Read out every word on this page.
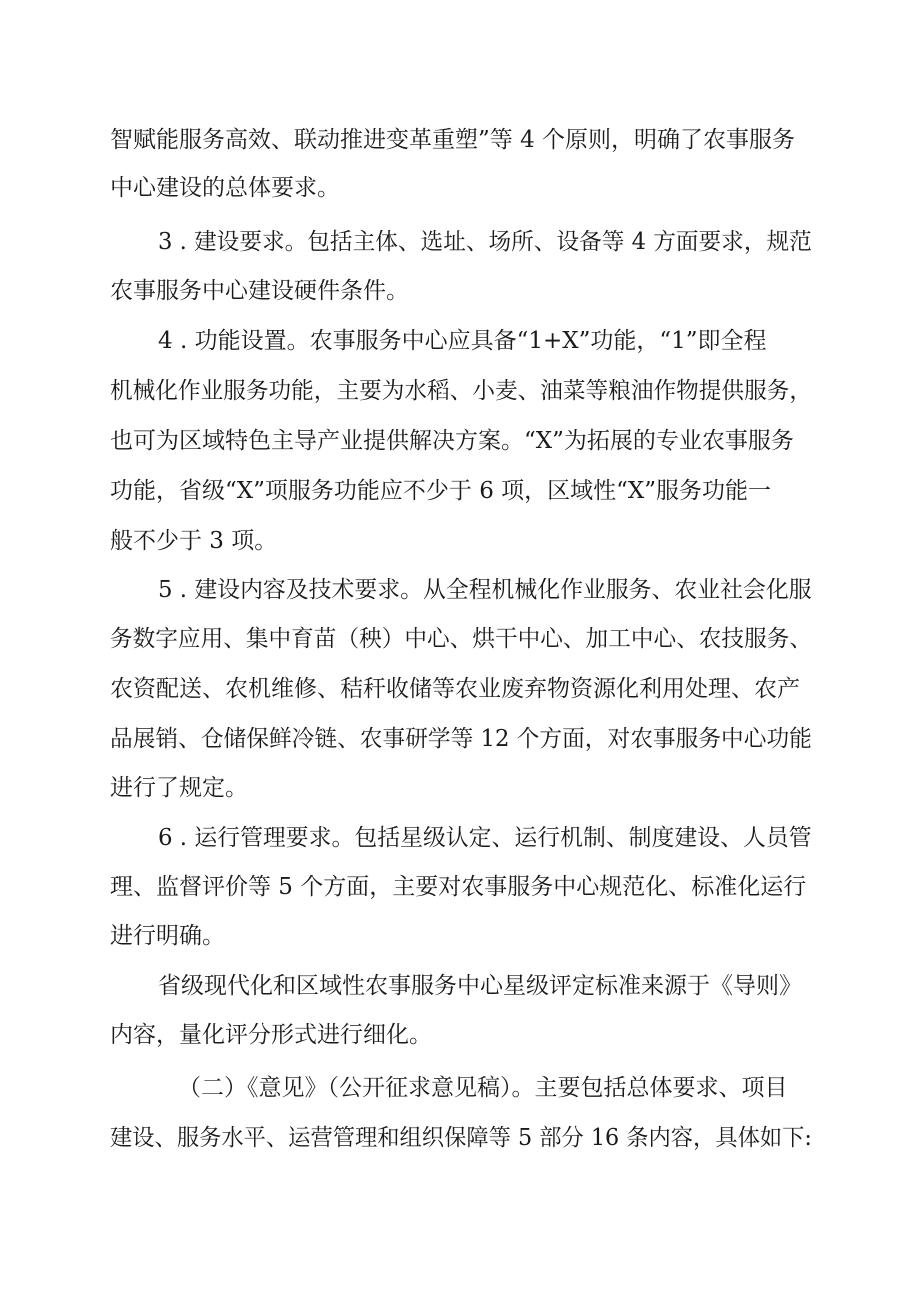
智赋能服务高效、联动推进变革重塑”等 4 个原则，明确了农事服务
中心建设的总体要求。
3 . 建设要求。包括主体、选址、场所、设备等 4 方面要求，规范
农事服务中心建设硬件条件。
4 . 功能设置。农事服务中心应具备“1+X”功能，“1”即全程
机械化作业服务功能，主要为水稻、小麦、油菜等粮油作物提供服务，
也可为区域特色主导产业提供解决方案。“X”为拓展的专业农事服务
功能，省级“X”项服务功能应不少于 6 项，区域性“X”服务功能一
般不少于 3 项。
5 . 建设内容及技术要求。从全程机械化作业服务、农业社会化服
务数字应用、集中育苗（秧）中心、烘干中心、加工中心、农技服务、
农资配送、农机维修、秸秆收储等农业废弃物资源化利用处理、农产
品展销、仓储保鲜冷链、农事研学等 12 个方面，对农事服务中心功能
进行了规定。
6 . 运行管理要求。包括星级认定、运行机制、制度建设、人员管
理、监督评价等 5 个方面，主要对农事服务中心规范化、标准化运行
进行明确。
省级现代化和区域性农事服务中心星级评定标准来源于《导则》
内容，量化评分形式进行细化。
（二）《意见》（公开征求意见稿）。主要包括总体要求、项目
建设、服务水平、运营管理和组织保障等 5 部分 16 条内容，具体如下:
